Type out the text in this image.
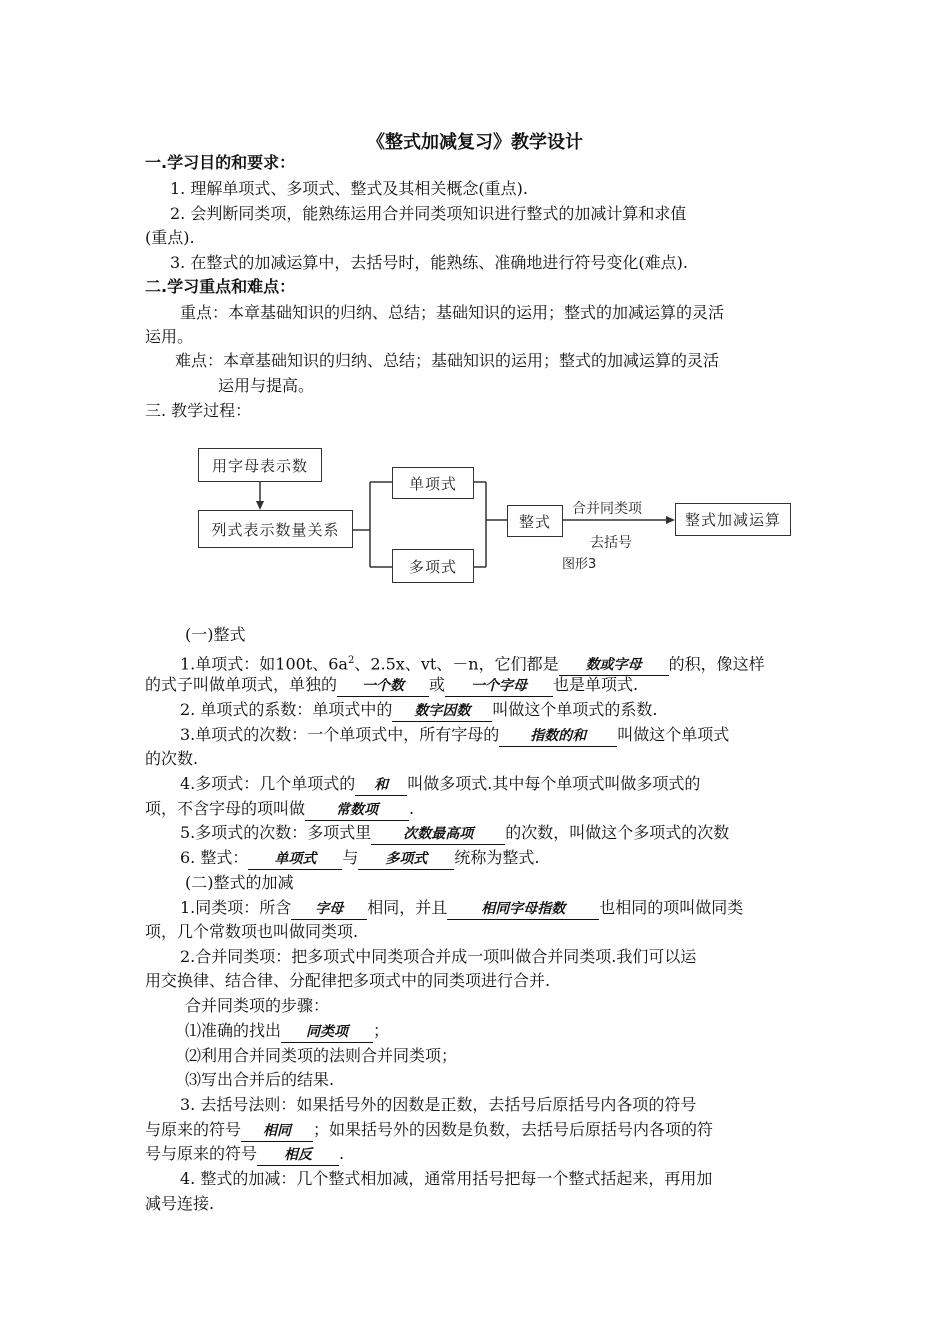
《整式加减复习》教学设计
一.学习目的和要求：
1. 理解单项式、多项式、整式及其相关概念(重点).
2. 会判断同类项，能熟练运用合并同类项知识进行整式的加减计算和求值
(重点).
3. 在整式的加减运算中，去括号时，能熟练、准确地进行符号变化(难点).
二.学习重点和难点：
重点：本章基础知识的归纳、总结；基础知识的运用；整式的加减运算的灵活
运用。
难点：本章基础知识的归纳、总结；基础知识的运用；整式的加减运算的灵活
运用与提高。
三. 教学过程：
用字母表示数
列式表示数量关系
单项式
多项式
整式	整式加减运算
合并同类项
去括号
图形3
(一)整式
1.单项式：如100t、$6a^2$、2.5x、vt、－n，它们都是 数或字母 的积，像这样
的式子叫做单项式，单独的 一个数 或 一个字母 也是单项式.
2. 单项式的系数：单项式中的 数字因数 叫做这个单项式的系数.
3.单项式的次数：一个单项式中，所有字母的 指数的和 叫做这个单项式
的次数.
4.多项式：几个单项式的 和 叫做多项式.其中每个单项式叫做多项式的
项，不含字母的项叫做 常数项 .
5.多项式的次数：多项式里 次数最高项 的次数，叫做这个多项式的次数
6. 整式： 单项式 与 多项式 统称为整式.
(二)整式的加减
1.同类项：所含 字母 相同，并且 相同字母指数 也相同的项叫做同类
项，几个常数项也叫做同类项.
2.合并同类项：把多项式中同类项合并成一项叫做合并同类项.我们可以运
用交换律、结合律、分配律把多项式中的同类项进行合并.
合并同类项的步骤：
⑴准确的找出 同类项 ；
⑵利用合并同类项的法则合并同类项；
⑶写出合并后的结果.
3. 去括号法则：如果括号外的因数是正数，去括号后原括号内各项的符号
与原来的符号 相同 ；如果括号外的因数是负数，去括号后原括号内各项的符
号与原来的符号 相反 .
4. 整式的加减：几个整式相加减，通常用括号把每一个整式括起来，再用加
减号连接.
